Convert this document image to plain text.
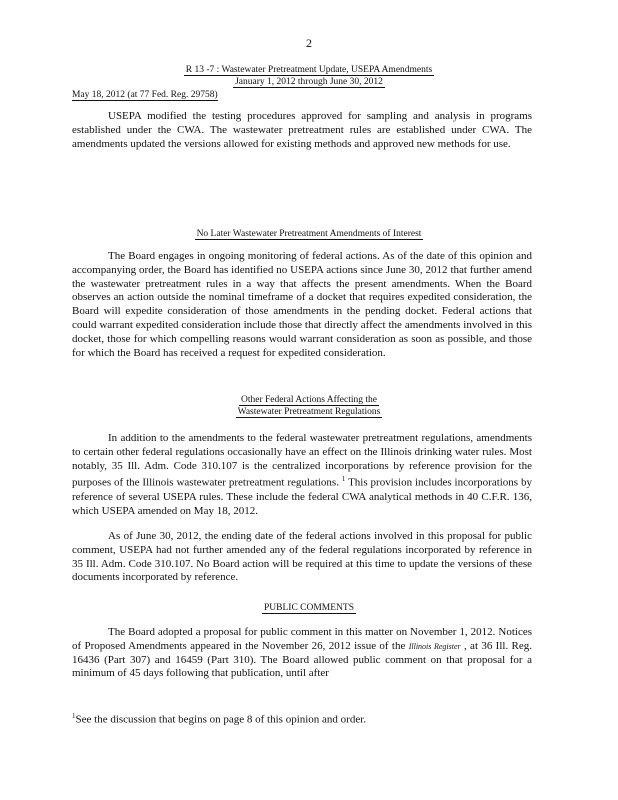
2
R 13 -7 : Wastewater Pretreatment Update, USEPA Amendments
January 1, 2012 through June 30, 2012
May 18, 2012 (at 77 Fed. Reg. 29758)
USEPA modified the testing procedures approved for sampling and analysis in programs established under the CWA. The wastewater pretreatment rules are established under CWA. The amendments updated the versions allowed for existing methods and approved new methods for use.
No Later Wastewater Pretreatment Amendments of Interest
The Board engages in ongoing monitoring of federal actions. As of the date of this opinion and accompanying order, the Board has identified no USEPA actions since June 30, 2012 that further amend the wastewater pretreatment rules in a way that affects the present amendments. When the Board observes an action outside the nominal timeframe of a docket that requires expedited consideration, the Board will expedite consideration of those amendments in the pending docket. Federal actions that could warrant expedited consideration include those that directly affect the amendments involved in this docket, those for which compelling reasons would warrant consideration as soon as possible, and those for which the Board has received a request for expedited consideration.
Other Federal Actions Affecting the
Wastewater Pretreatment Regulations
In addition to the amendments to the federal wastewater pretreatment regulations, amendments to certain other federal regulations occasionally have an effect on the Illinois drinking water rules. Most notably, 35 Ill. Adm. Code 310.107 is the centralized incorporations by reference provision for the purposes of the Illinois wastewater pretreatment regulations. $^1$ This provision includes incorporations by reference of several USEPA rules. These include the federal CWA analytical methods in 40 C.F.R. 136, which USEPA amended on May 18, 2012.
As of June 30, 2012, the ending date of the federal actions involved in this proposal for public comment, USEPA had not further amended any of the federal regulations incorporated by reference in 35 Ill. Adm. Code 310.107. No Board action will be required at this time to update the versions of these documents incorporated by reference.
PUBLIC COMMENTS
The Board adopted a proposal for public comment in this matter on November 1, 2012. Notices of Proposed Amendments appeared in the November 26, 2012 issue of the Illinois Register , at 36 Ill. Reg. 16436 (Part 307) and 16459 (Part 310). The Board allowed public comment on that proposal for a minimum of 45 days following that publication, until after
$^1$See the discussion that begins on page 8 of this opinion and order.
